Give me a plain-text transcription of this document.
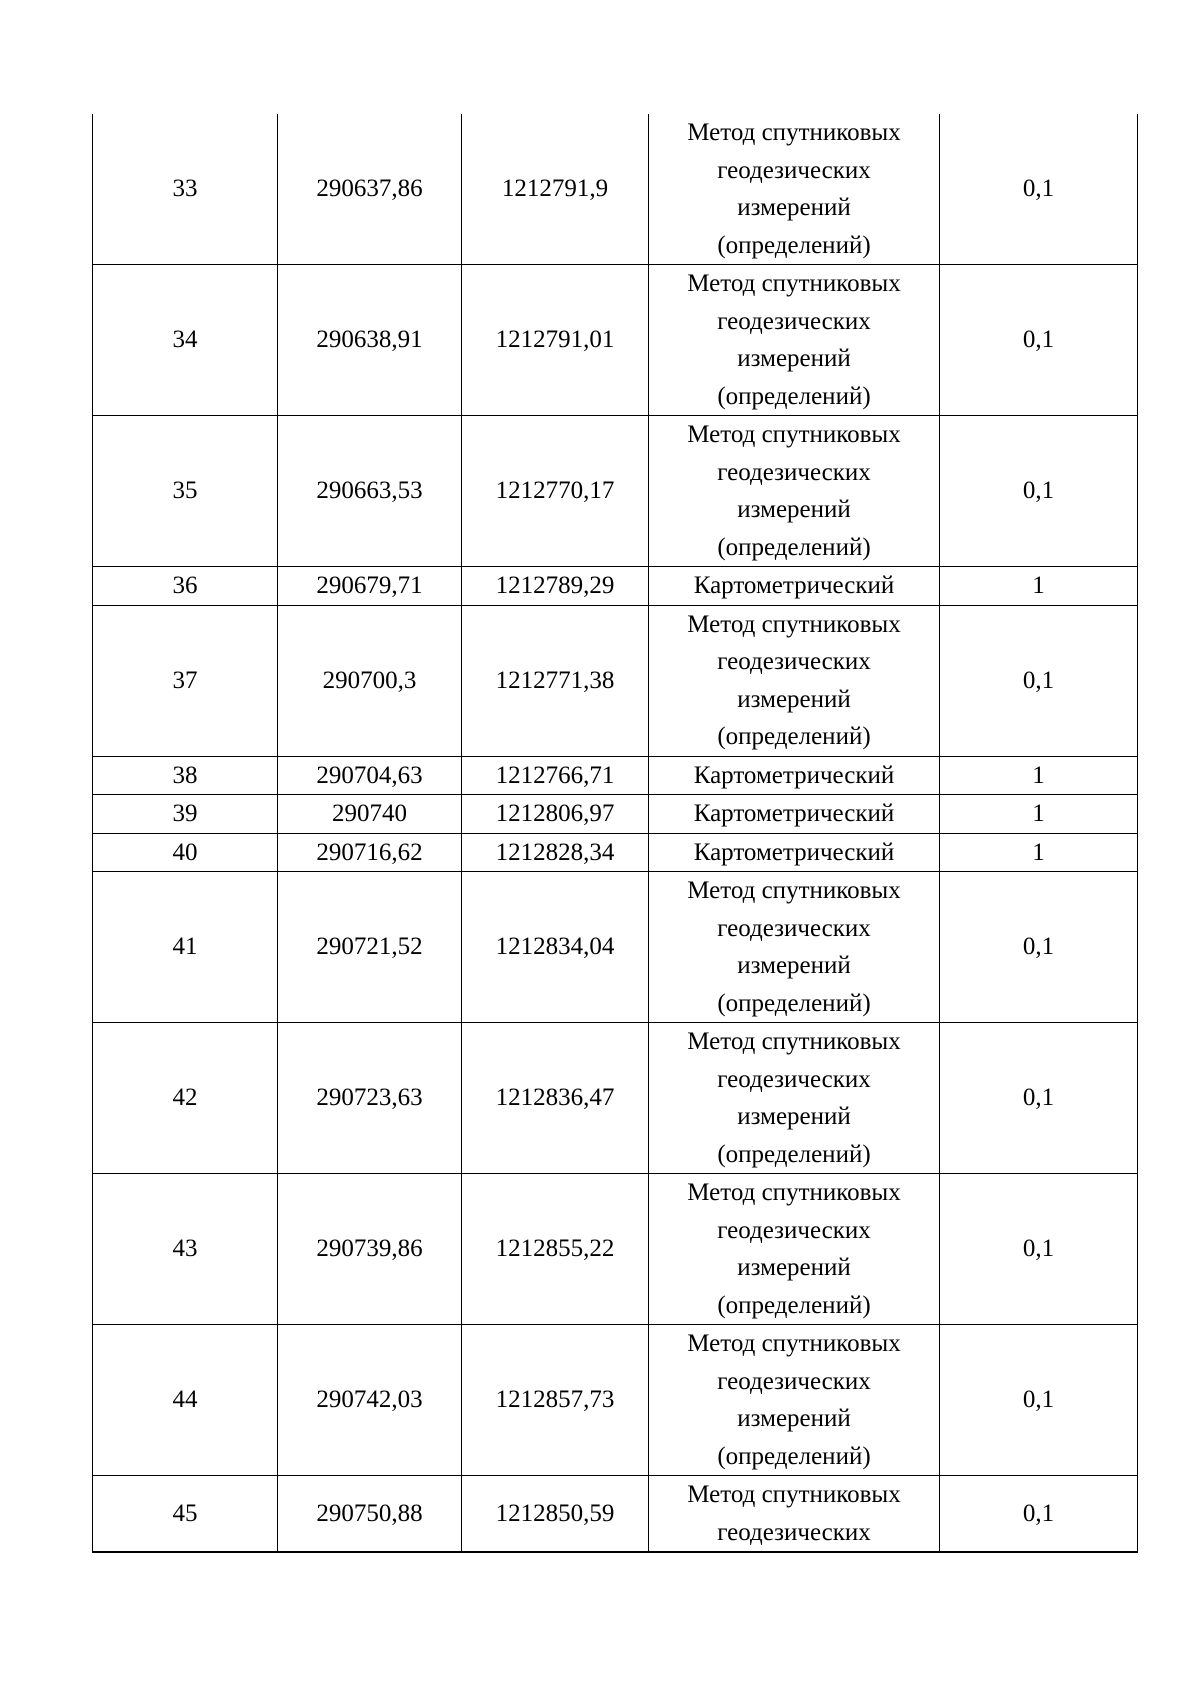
33	290637,86	1212791,9	Метод спутниковых
геодезических
измерений
(определений)	0,1
34	290638,91	1212791,01	Метод спутниковых
геодезических
измерений
(определений)	0,1
35	290663,53	1212770,17	Метод спутниковых
геодезических
измерений
(определений)	0,1
36	290679,71	1212789,29	Картометрический	1
37	290700,3	1212771,38	Метод спутниковых
геодезических
измерений
(определений)	0,1
38	290704,63	1212766,71	Картометрический	1
39	290740	1212806,97	Картометрический	1
40	290716,62	1212828,34	Картометрический	1
41	290721,52	1212834,04	Метод спутниковых
геодезических
измерений
(определений)	0,1
42	290723,63	1212836,47	Метод спутниковых
геодезических
измерений
(определений)	0,1
43	290739,86	1212855,22	Метод спутниковых
геодезических
измерений
(определений)	0,1
44	290742,03	1212857,73	Метод спутниковых
геодезических
измерений
(определений)	0,1
45	290750,88	1212850,59	Метод спутниковых
геодезических	0,1
